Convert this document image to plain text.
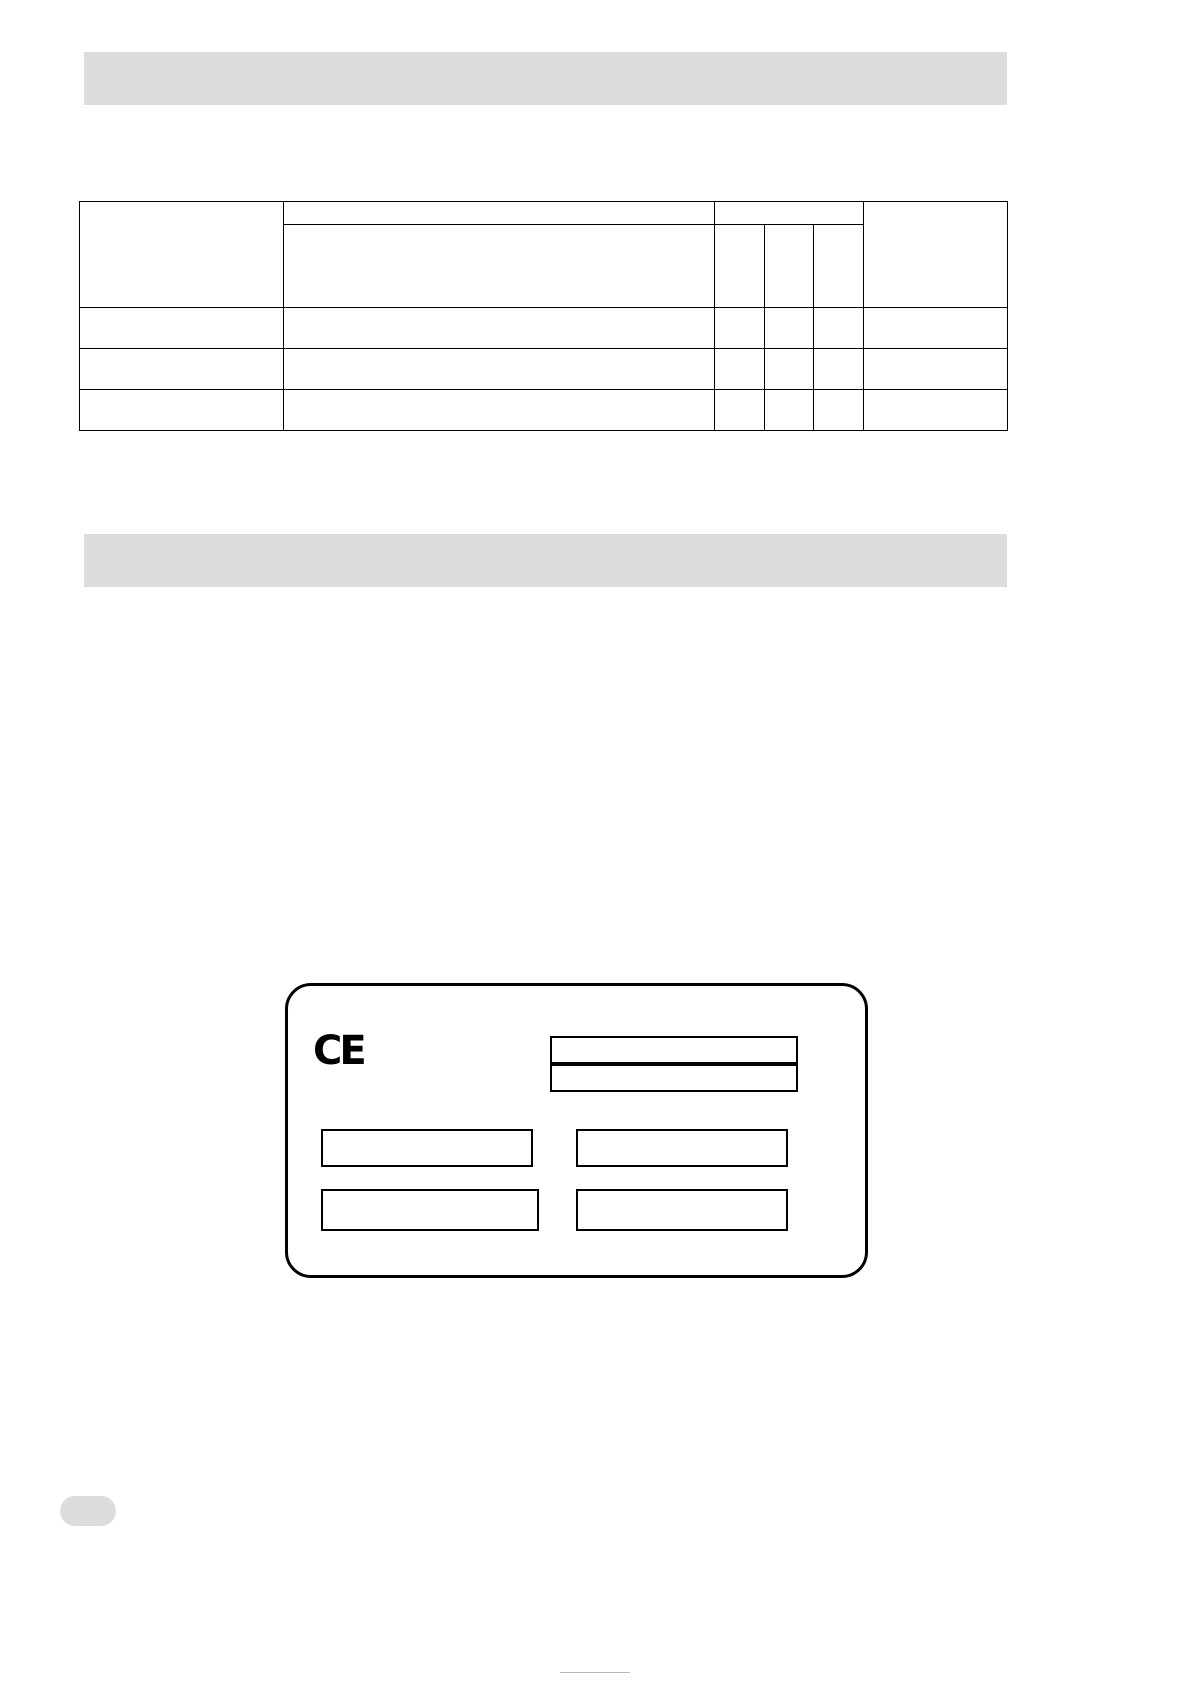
CE
